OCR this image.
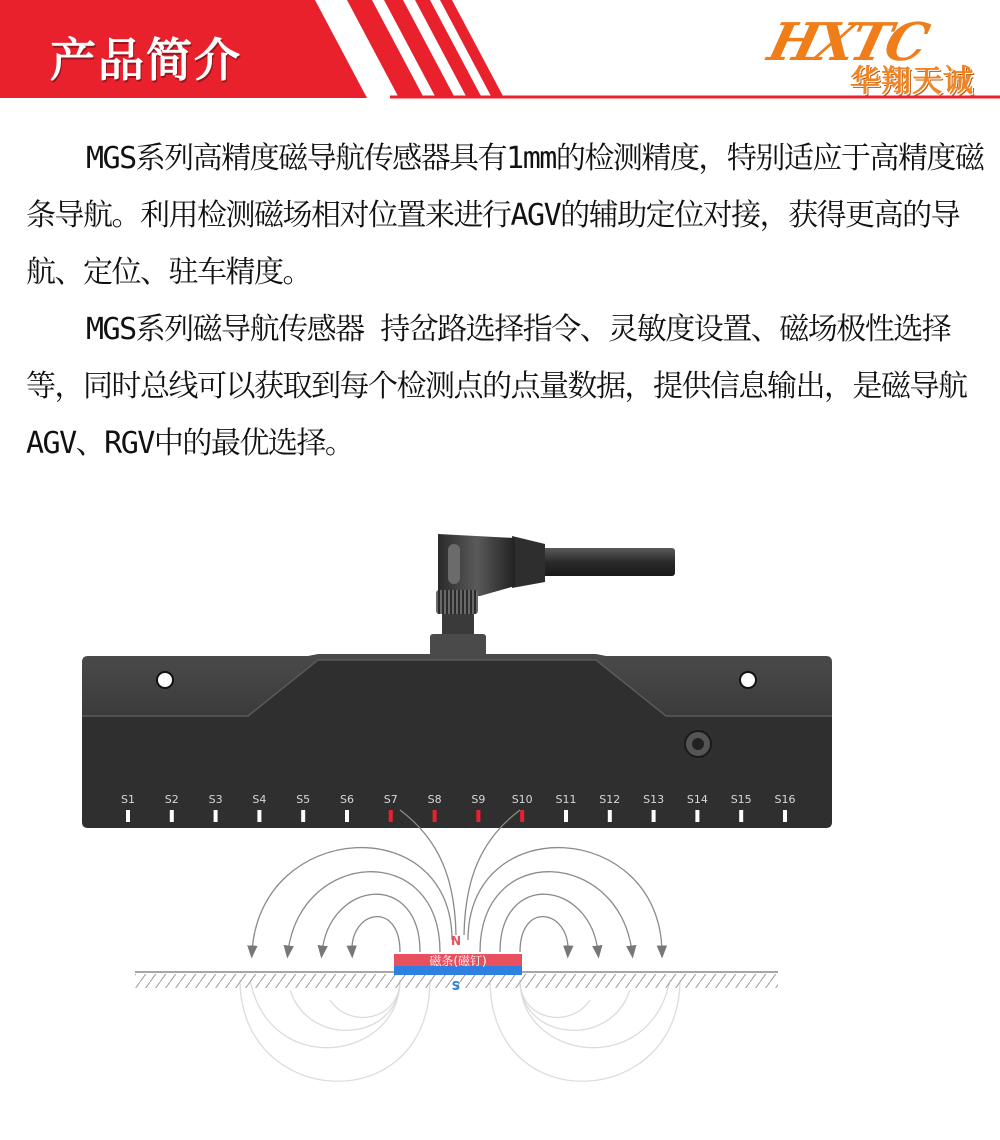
产品简介	HXTC
华翔天诚

MGS系列高精度磁导航传感器具有1mm的检测精度，特别适应于高精度磁条导航。利用检测磁场相对位置来进行AGV的辅助定位对接，获得更高的导航、定位、驻车精度。

MGS系列磁导航传感器 持岔路选择指令、灵敏度设置、磁场极性选择等，同时总线可以获取到每个检测点的点量数据，提供信息输出，是磁导航AGV、RGV中的最优选择。

S1	S2	S3	S4	S5	S6	S7	S8	S9 S10 S11 S12 S13 S14 S15 S16
磁条(磁钉)
N
S
